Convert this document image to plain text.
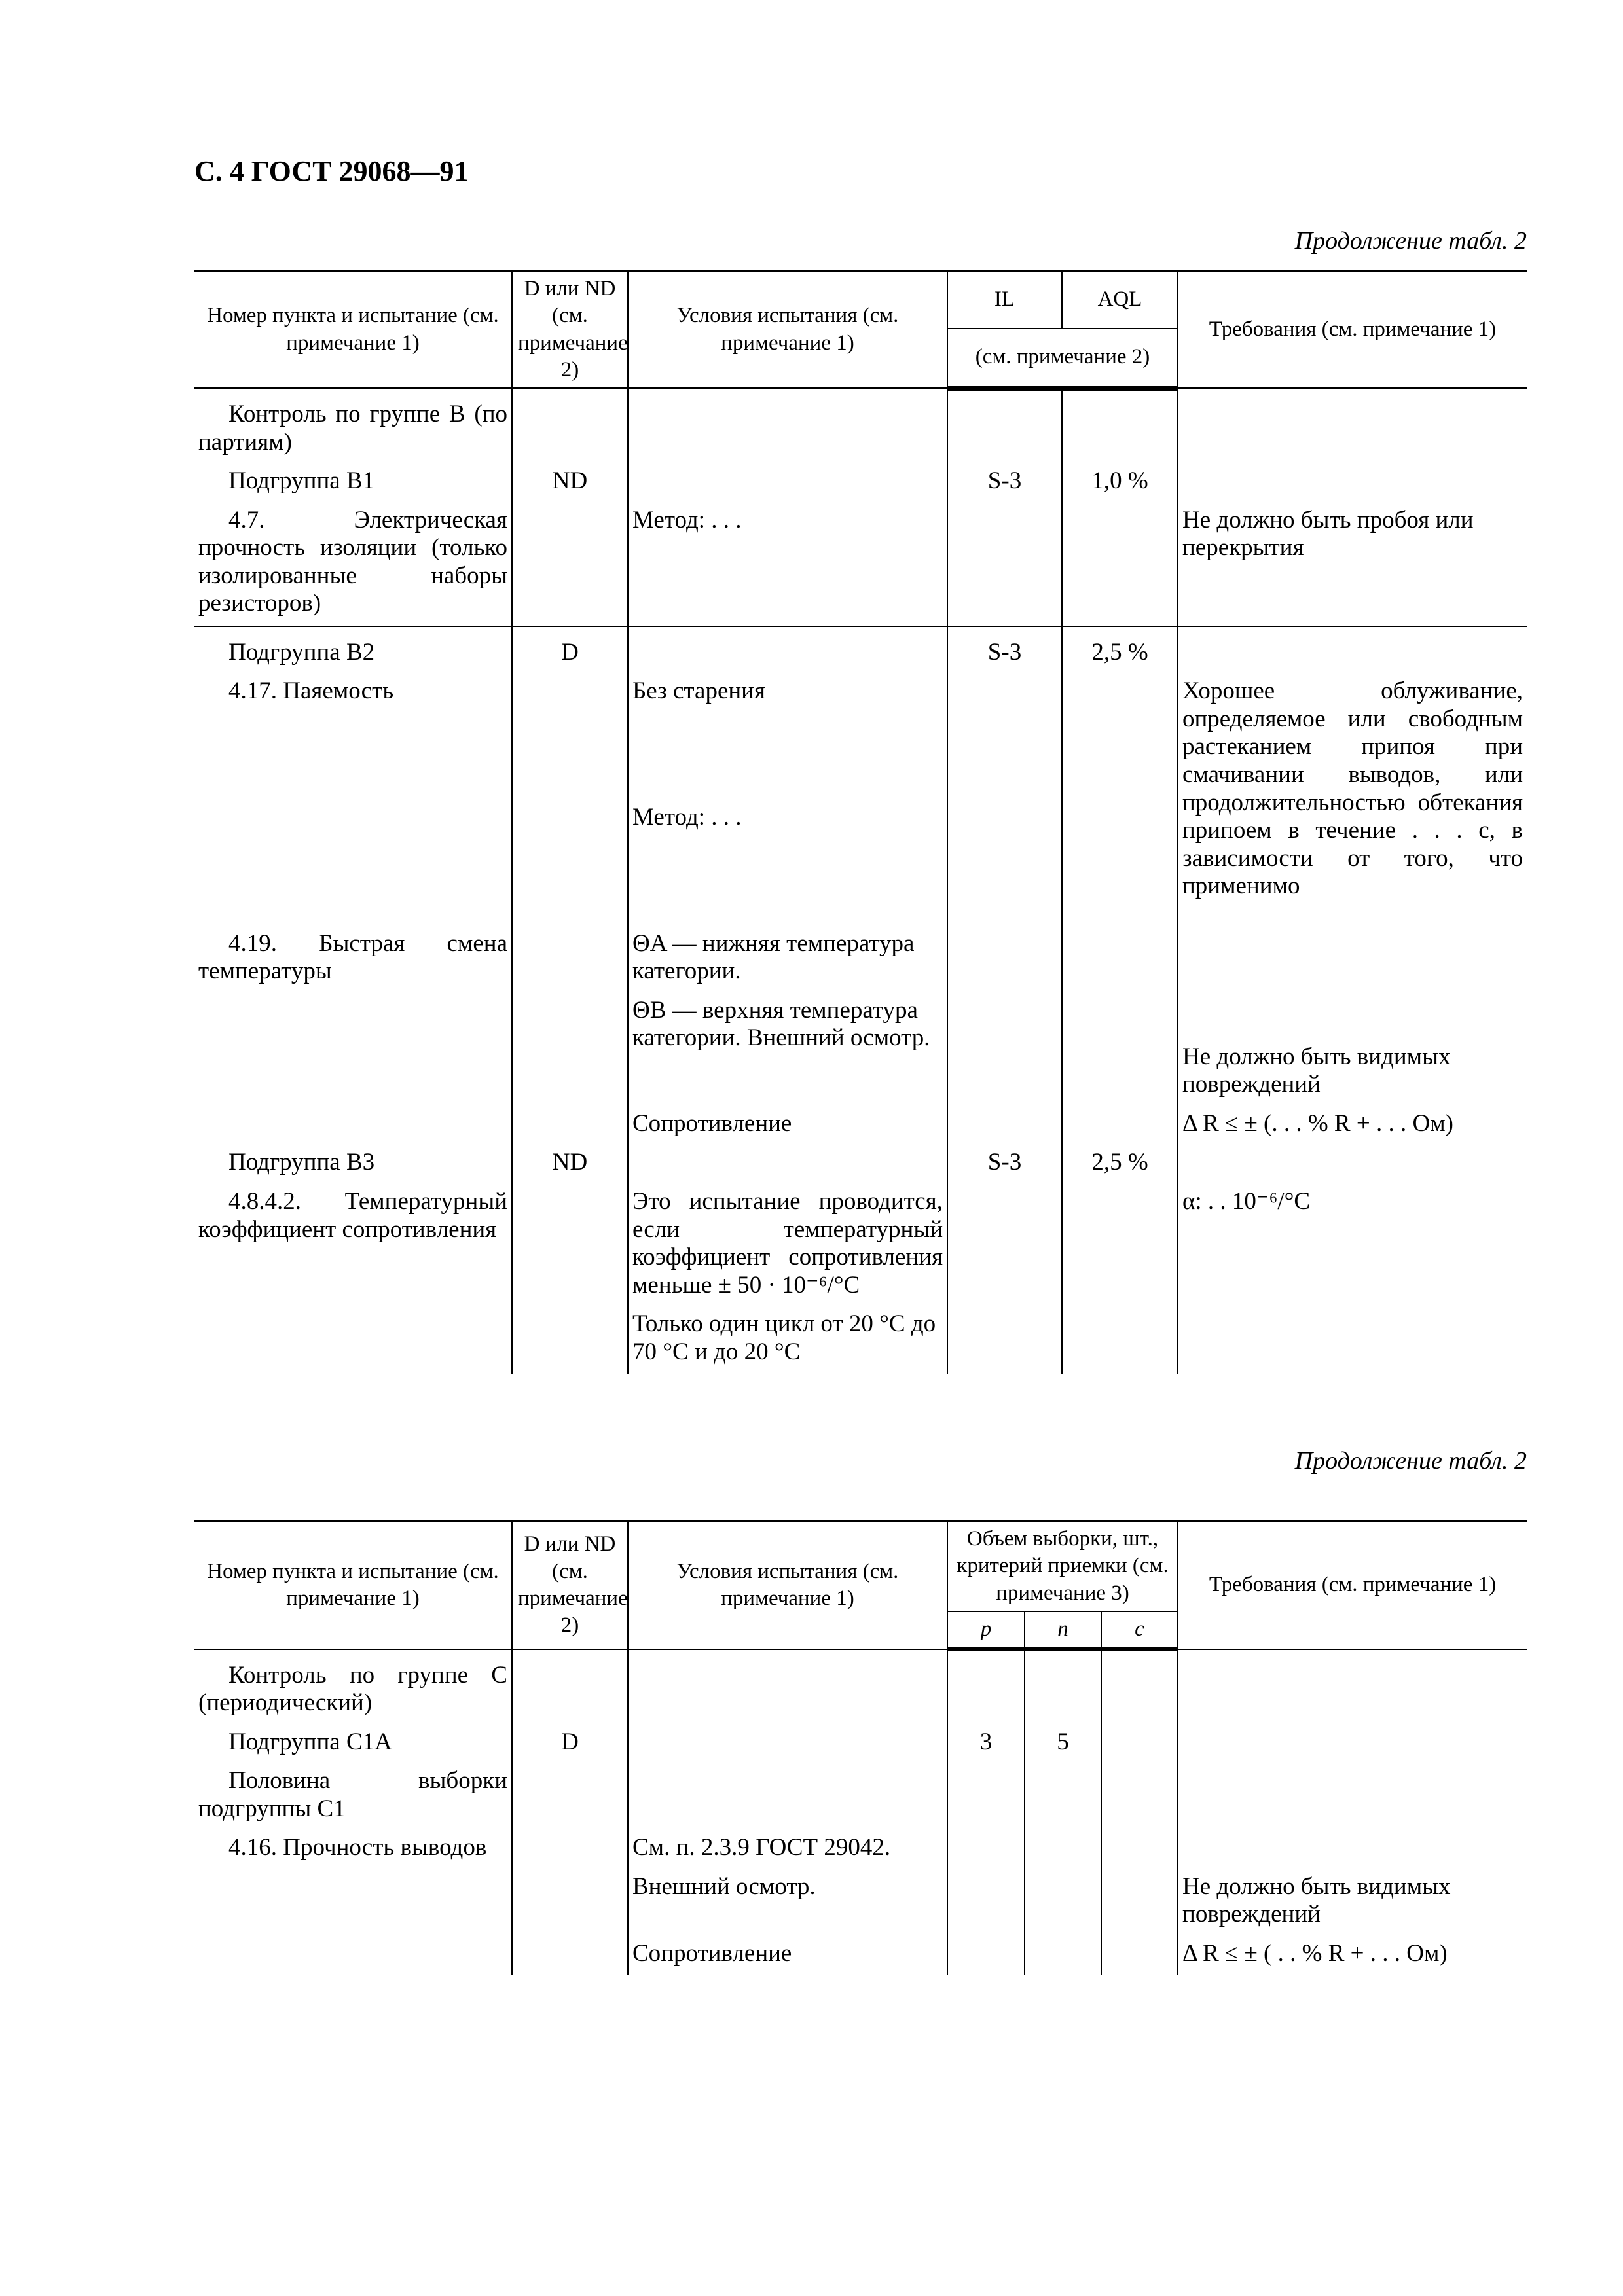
С. 4 ГОСТ 29068—91
Продолжение табл. 2
Номер пункта и испытание (см. примечание 1)	D или ND (см. примечание 2)	Условия испытания (см. примечание 1)	IL	AQL	Требования (см. примечание 1)
			(см. примечание 2)		
Контроль по группе B (по партиям)					
Подгруппа B1	ND		S-3	1,0 %	
4.7. Электрическая прочность изоляции (только изолированные наборы резисторов)		Метод: . . .			Не должно быть пробоя или перекрытия
Подгруппа B2	D		S-3	2,5 %	
4.17. Паяемость		Без старения			Хорошее облуживание, определяемое или свободным растеканием припоя при смачивании выводов, или продолжительностью обтекания припоем в течение . . . с, в зависимости от того, что применимо
		Метод: . . .			
4.19. Быстрая смена температуры		ΘA — нижняя температура категории.			
		ΘB — верхняя температура категории. Внешний осмотр.			Не должно быть видимых повреждений
		Сопротивление			Δ R ≤ ± (. . . % R + . . . Ом)
Подгруппа B3	ND		S-3	2,5 %	
4.8.4.2. Температурный коэффициент сопротивления		Это испытание проводится, если температурный коэффициент сопротивления меньше ± 50 · 10⁻⁶/°С			α: . . 10⁻⁶/°С
		Только один цикл от 20 °С до 70 °С и до 20 °С			
Продолжение табл. 2
Номер пункта и испытание (см. примечание 1)	D или ND (см. примечание 2)	Условия испытания (см. примечание 1)	Объем выборки, шт., критерий приемки (см. примечание 3)			Требования (см. примечание 1)
			p	n	c	
Контроль по группе C (периодический)						
Подгруппа C1A	D		3	5		
Половина выборки подгруппы C1						
4.16. Прочность выводов		См. п. 2.3.9 ГОСТ 29042.				
		Внешний осмотр.				Не должно быть видимых повреждений
		Сопротивление				Δ R ≤ ± ( . . % R + . . . Ом)
